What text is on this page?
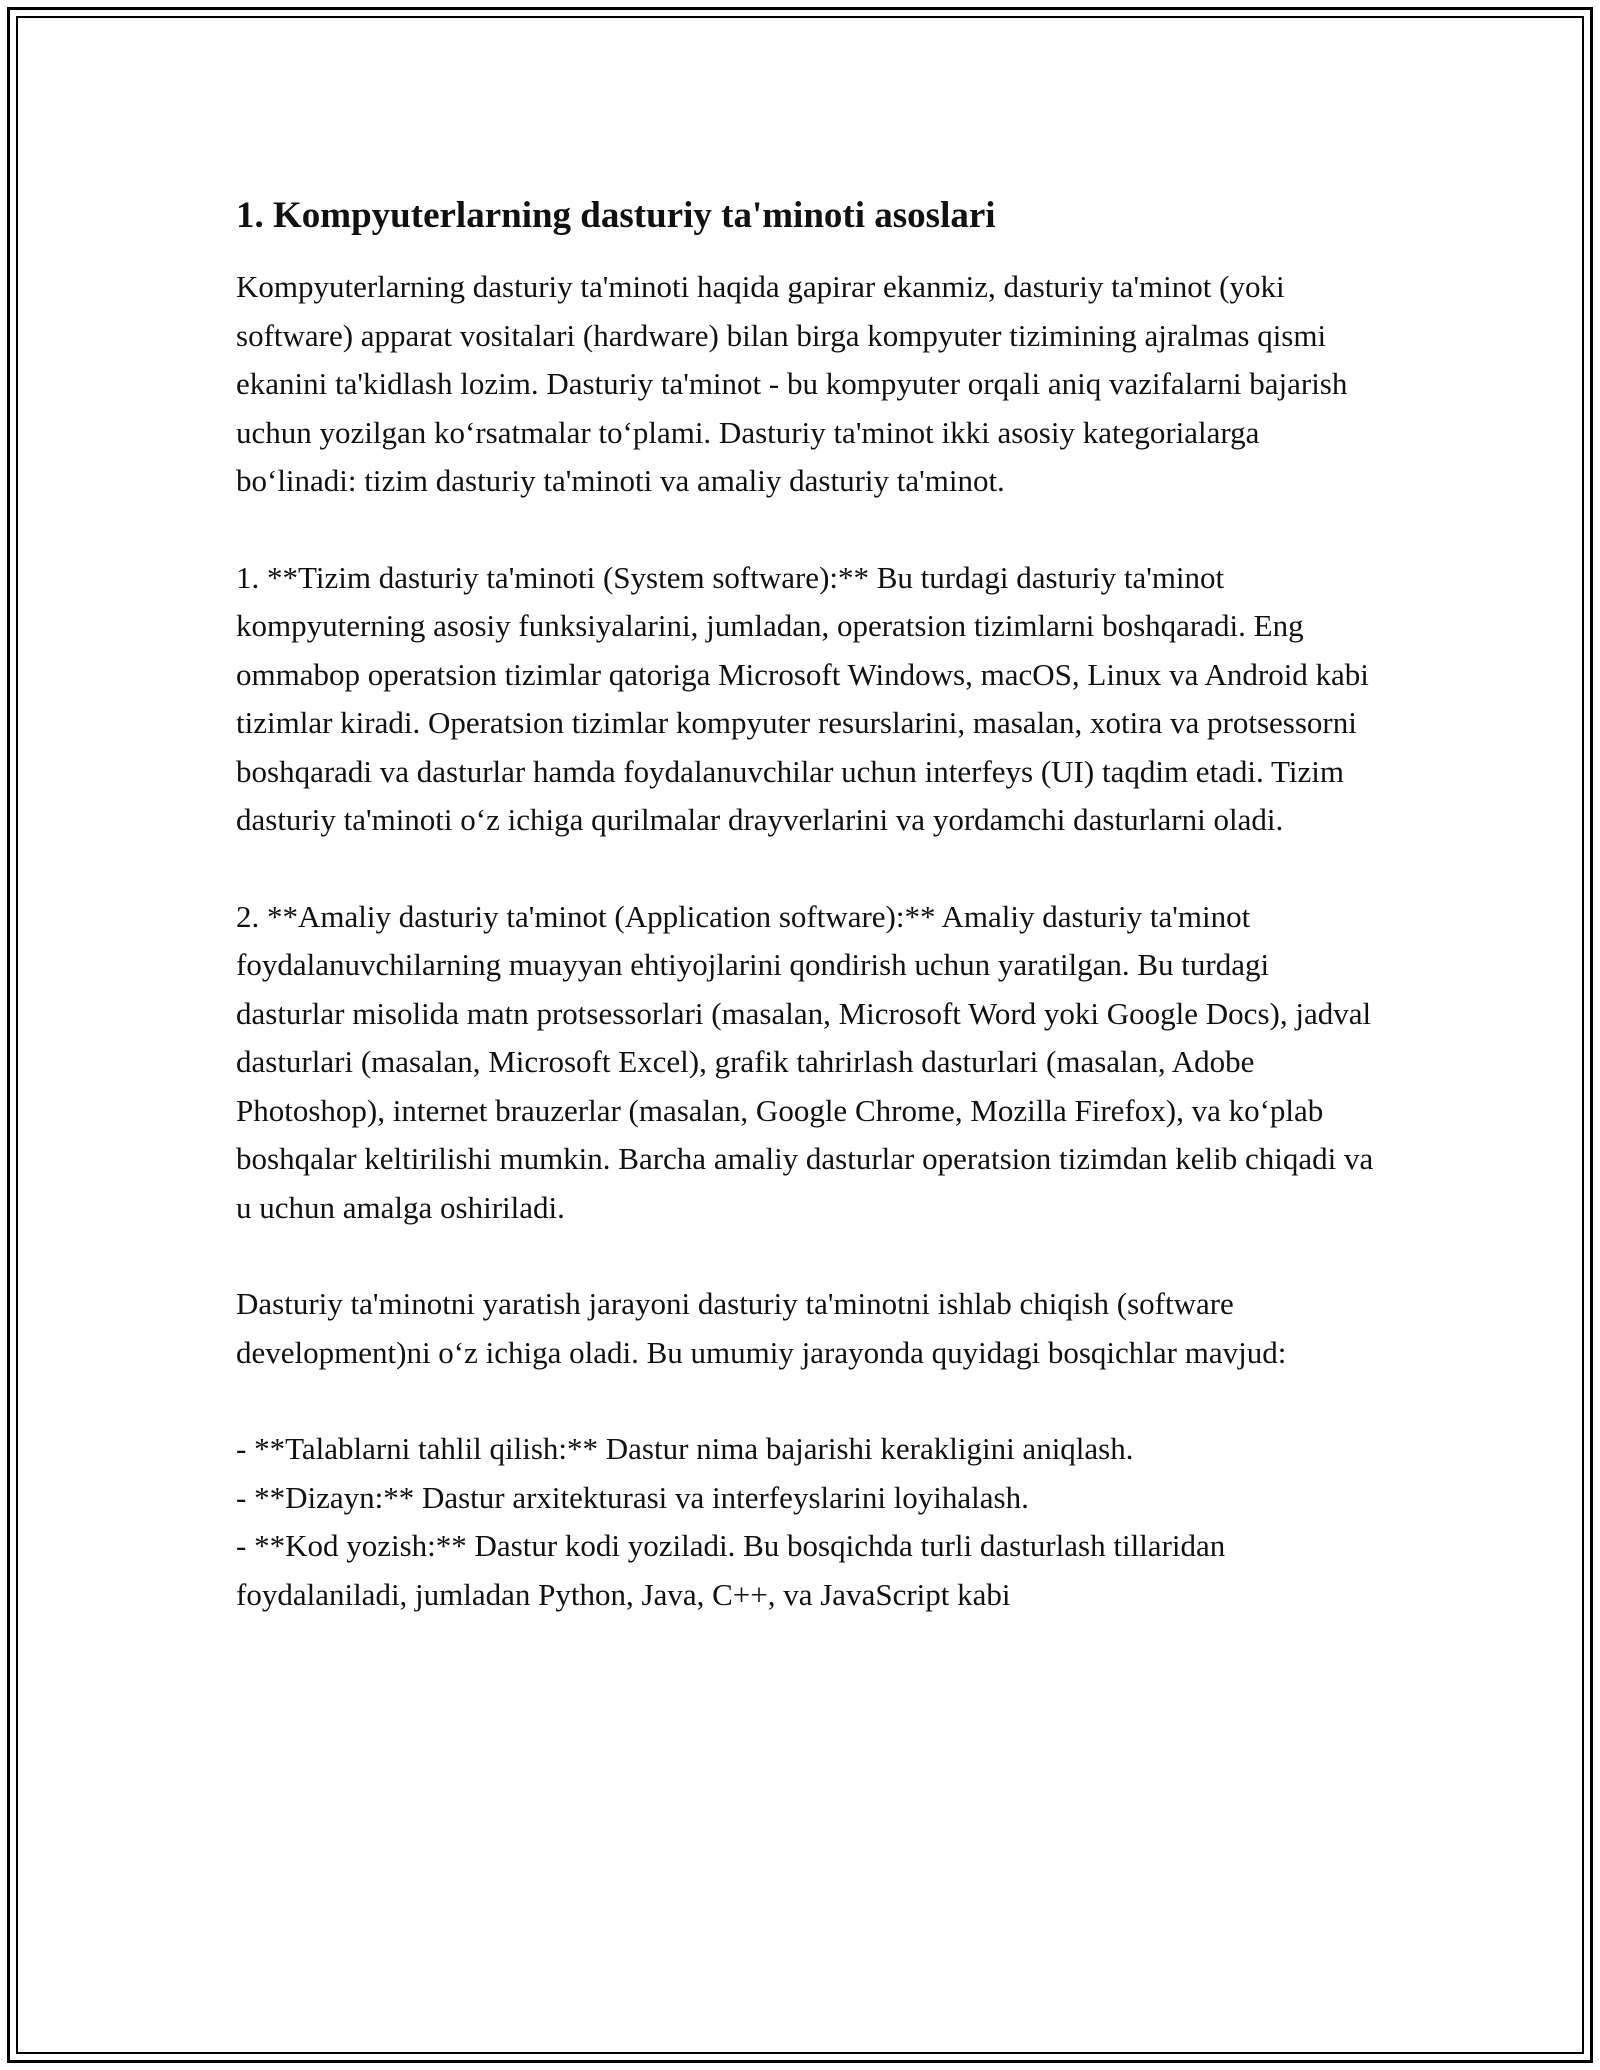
1. Kompyuterlarning dasturiy ta'minoti asoslari

Kompyuterlarning dasturiy ta'minoti haqida gapirar ekanmiz, dasturiy ta'minot (yoki software) apparat vositalari (hardware) bilan birga kompyuter tizimining ajralmas qismi ekanini ta'kidlash lozim. Dasturiy ta'minot - bu kompyuter orqali aniq vazifalarni bajarish uchun yozilgan koʻrsatmalar toʻplami. Dasturiy ta'minot ikki asosiy kategorialarga boʻlinadi: tizim dasturiy ta'minoti va amaliy dasturiy ta'minot.

1. **Tizim dasturiy ta'minoti (System software):** Bu turdagi dasturiy ta'minot kompyuterning asosiy funksiyalarini, jumladan, operatsion tizimlarni boshqaradi. Eng ommabop operatsion tizimlar qatoriga Microsoft Windows, macOS, Linux va Android kabi tizimlar kiradi. Operatsion tizimlar kompyuter resurslarini, masalan, xotira va protsessorni boshqaradi va dasturlar hamda foydalanuvchilar uchun interfeys (UI) taqdim etadi. Tizim dasturiy ta'minoti oʻz ichiga qurilmalar drayverlarini va yordamchi dasturlarni oladi.

2. **Amaliy dasturiy ta'minot (Application software):** Amaliy dasturiy ta'minot foydalanuvchilarning muayyan ehtiyojlarini qondirish uchun yaratilgan. Bu turdagi dasturlar misolida matn protsessorlari (masalan, Microsoft Word yoki Google Docs), jadval dasturlari (masalan, Microsoft Excel), grafik tahrirlash dasturlari (masalan, Adobe Photoshop), internet brauzerlar (masalan, Google Chrome, Mozilla Firefox), va koʻplab boshqalar keltirilishi mumkin. Barcha amaliy dasturlar operatsion tizimdan kelib chiqadi va u uchun amalga oshiriladi.

Dasturiy ta'minotni yaratish jarayoni dasturiy ta'minotni ishlab chiqish (software development)ni oʻz ichiga oladi. Bu umumiy jarayonda quyidagi bosqichlar mavjud:

- **Talablarni tahlil qilish:** Dastur nima bajarishi kerakligini aniqlash.
- **Dizayn:** Dastur arxitekturasi va interfeyslarini loyihalash.
- **Kod yozish:** Dastur kodi yoziladi. Bu bosqichda turli dasturlash tillaridan foydalaniladi, jumladan Python, Java, C++, va JavaScript kabi
